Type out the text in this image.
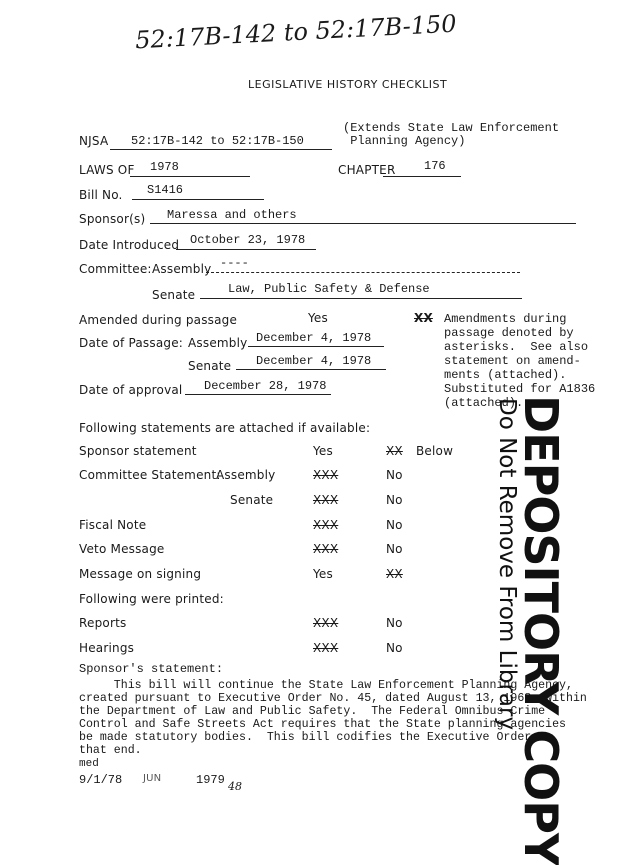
52:17B-142 to 52:17B-150
LEGISLATIVE HISTORY CHECKLIST
NJSA 52:17B-142 to 52:17B-150
(Extends State Law Enforcement
Planning Agency)
LAWS OF 1978	CHAPTER 176
Bill No. S1416
Sponsor(s) Maressa and others
Date Introduced October 23, 1978
Committee: Assembly ----
Senate	Law, Public Safety & Defense
Amended during passage	Yes	XX Amendments during
passage denoted by
asterisks.  See also
statement on amend-
ments (attached).
Substituted for A1836
(attached).
Date of Passage: Assembly December 4, 1978
Senate December 4, 1978
Date of approval December 28, 1978
Following statements are attached if available:
Sponsor statement	Yes	XX Below
Committee Statement:
Assembly	XXX	No
Senate	XXX	No
Fiscal Note	XXX	No
Veto Message	XXX	No
Message on signing	Yes	XX
Following were printed:
Reports	XXX	No
Hearings	XXX	No
Sponsor's statement:
This bill will continue the State Law Enforcement Planning Agency,
created pursuant to Executive Order No. 45, dated August 13, 1968, within
the Department of Law and Public Safety.  The Federal Omnibus Crime
Control and Safe Streets Act requires that the State planning agencies
be made statutory bodies.  This bill codifies the Executive Order to
that end.
med
9/1/78 JUN	1979 48	DEPOSITORY COPY
Do Not Remove From Library
